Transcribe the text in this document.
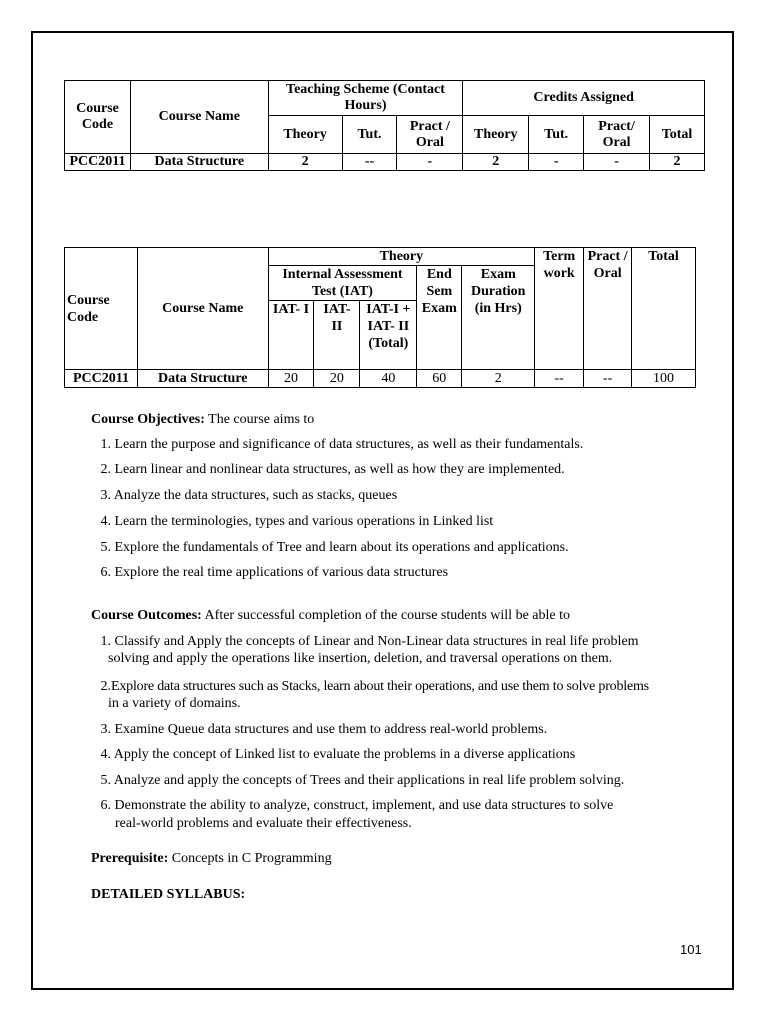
Course Code	Course Name	Teaching Scheme (Contact Hours)			Credits Assigned			
		Theory	Tut.	Pract / Oral	Theory	Tut.	Pract/ Oral	Total
PCC2011	Data Structure	2	--	-	2	-	-	2
Course Code	Course Name	Theory					Term work	Pract / Oral	Total
		Internal Assessment Test (IAT)			End Sem Exam	Exam Duration (in Hrs)			
		IAT- I	IAT- II	IAT-I + IAT- II (Total)					

PCC2011	Data Structure	20	20	40	60	2	--	--	100
Course Objectives: The course aims to
1. Learn the purpose and significance of data structures, as well as their fundamentals.
2. Learn linear and nonlinear data structures, as well as how they are implemented.
3. Analyze the data structures, such as stacks, queues
4. Learn the terminologies, types and various operations in Linked list
5. Explore the fundamentals of Tree and learn about its operations and applications.
6. Explore the real time applications of various data structures
Course Outcomes: After successful completion of the course students will be able to
1. Classify and Apply the concepts of Linear and Non-Linear data structures in real life problem
2.Explore data structures such as Stacks, learn about their operations, and use them to solve problems
3. Examine Queue data structures and use them to address real-world problems.
4. Apply the concept of Linked list to evaluate the problems in a diverse applications
5. Analyze and apply the concepts of Trees and their applications in real life problem solving.
6. Demonstrate the ability to analyze, construct, implement, and use data structures to solve
solving and apply the operations like insertion, deletion, and traversal operations on them.
in a variety of domains.
real-world problems and evaluate their effectiveness.
Prerequisite: Concepts in C Programming
DETAILED SYLLABUS:
101
